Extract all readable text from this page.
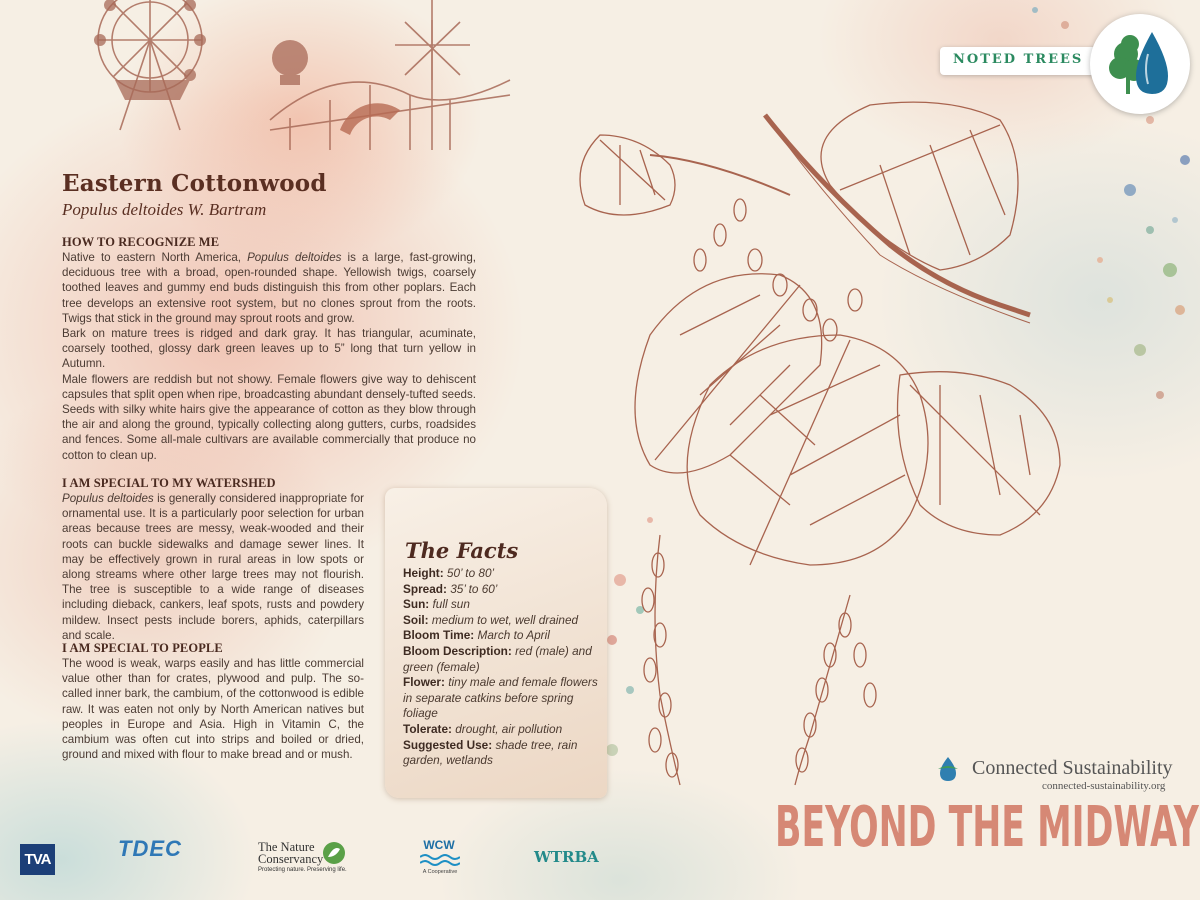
Eastern Cottonwood
Populus deltoides W. Bartram
HOW TO RECOGNIZE ME

Native to eastern North America, Populus deltoides is a large, fast-growing, deciduous tree with a broad, open-rounded shape. Yellowish twigs, coarsely toothed leaves and gummy end buds distinguish this from other poplars. Each tree develops an extensive root system, but no clones sprout from the roots. Twigs that stick in the ground may sprout roots and grow.

Bark on mature trees is ridged and dark gray. It has triangular, acuminate, coarsely toothed, glossy dark green leaves up to 5” long that turn yellow in Autumn.

Male flowers are reddish but not showy. Female flowers give way to dehiscent capsules that split open when ripe, broadcasting abundant densely-tufted seeds. Seeds with silky white hairs give the appearance of cotton as they blow through the air and along the ground, typically collecting along gutters, curbs, roadsides and fences. Some all-male cultivars are available commercially that produce no cotton to clean up.

I AM SPECIAL TO MY WATERSHED

Populus deltoides is generally considered inappropriate for ornamental use. It is a particularly poor selection for urban areas because trees are messy, weak-wooded and their roots can buckle sidewalks and damage sewer lines. It may be effectively grown in rural areas in low spots or along streams where other large trees may not flourish. The tree is susceptible to a wide range of diseases including dieback, cankers, leaf spots, rusts and powdery mildew. Insect pests include borers, aphids, caterpillars and scale.

I AM SPECIAL TO PEOPLE

The wood is weak, warps easily and has little commercial value other than for crates, plywood and pulp. The so-called inner bark, the cambium, of the cottonwood is edible raw. It was eaten not only by North American natives but peoples in Europe and Asia. High in Vitamin C, the cambium was often cut into strips and boiled or dried, ground and mixed with flour to make bread and or mush.

The Facts
Height: 50’ to 80’
Spread: 35’ to 60’
Sun: full sun
Soil: medium to wet, well drained
Bloom Time: March to April
Bloom Description: red (male) and green (female)
Flower: tiny male and female flowers in separate catkins before spring foliage
Tolerate: drought, air pollution
Suggested Use: shade tree, rain garden, wetlands
NOTED TREES
Connected Sustainability
connected-sustainability.org
BEYOND THE MIDWAY
TVA	TDEC	The Nature Conservancy
Protecting nature. Preserving life.
WCW
A Cooperative
WTRBA
